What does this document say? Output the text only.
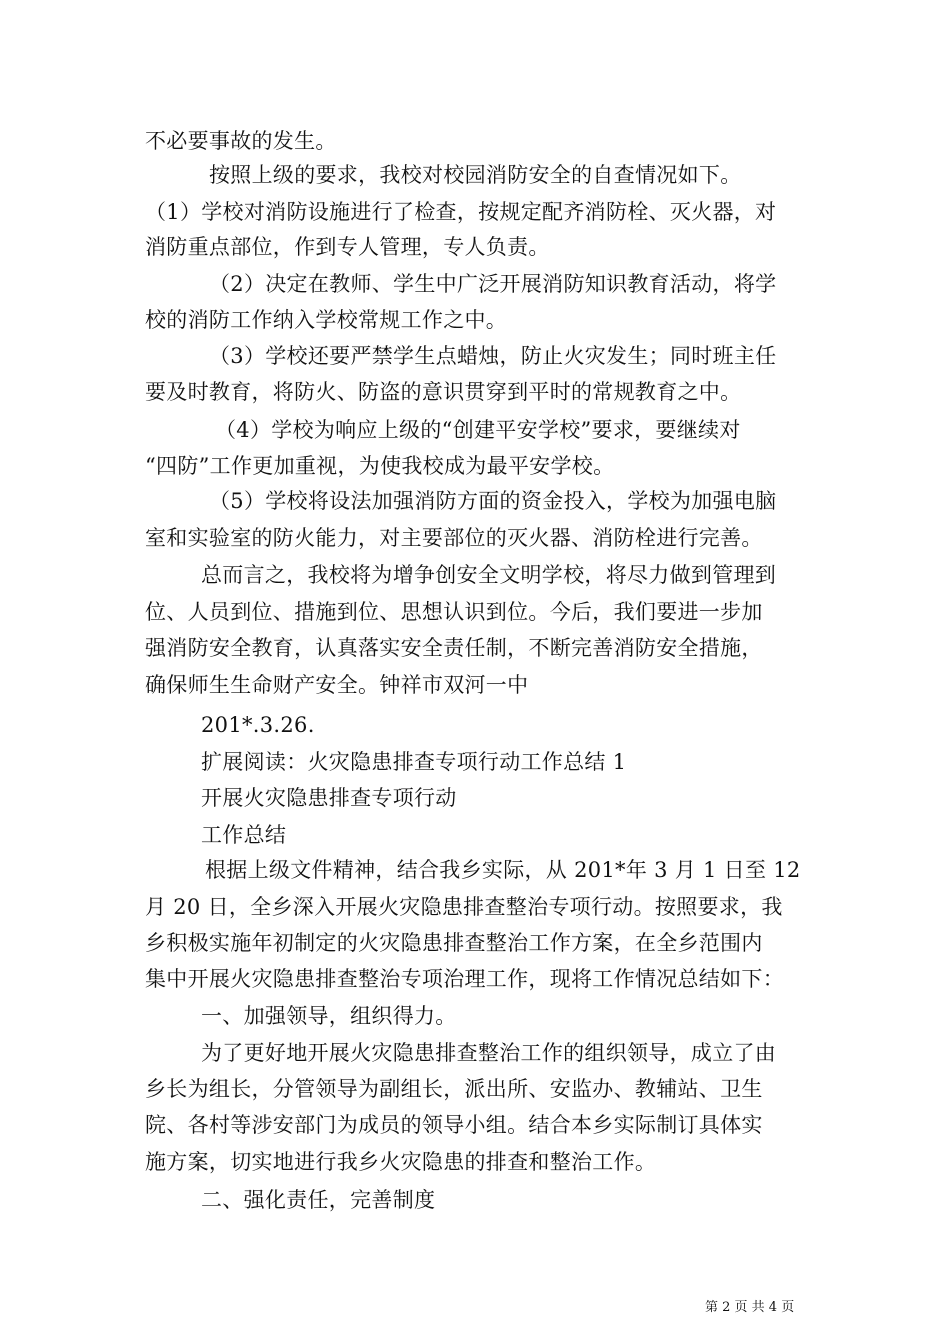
不必要事故的发生。
按照上级的要求，我校对校园消防安全的自查情况如下。
（1）学校对消防设施进行了检查，按规定配齐消防栓、灭火器，对
消防重点部位，作到专人管理，专人负责。
（2）决定在教师、学生中广泛开展消防知识教育活动，将学
校的消防工作纳入学校常规工作之中。
（3）学校还要严禁学生点蜡烛，防止火灾发生；同时班主任
要及时教育，将防火、防盗的意识贯穿到平时的常规教育之中。
（4）学校为响应上级的“创建平安学校”要求，要继续对
“四防”工作更加重视，为使我校成为最平安学校。
（5）学校将设法加强消防方面的资金投入，学校为加强电脑
室和实验室的防火能力，对主要部位的灭火器、消防栓进行完善。
总而言之，我校将为增争创安全文明学校，将尽力做到管理到
位、人员到位、措施到位、思想认识到位。今后，我们要进一步加
强消防安全教育，认真落实安全责任制，不断完善消防安全措施，
确保师生生命财产安全。钟祥市双河一中
201*.3.26.
扩展阅读：火灾隐患排查专项行动工作总结 1
开展火灾隐患排查专项行动
工作总结
根据上级文件精神，结合我乡实际，从 201*年 3 月 1 日至 12
月 20 日，全乡深入开展火灾隐患排查整治专项行动。按照要求，我
乡积极实施年初制定的火灾隐患排查整治工作方案，在全乡范围内
集中开展火灾隐患排查整治专项治理工作，现将工作情况总结如下：
一、加强领导，组织得力。
为了更好地开展火灾隐患排查整治工作的组织领导，成立了由
乡长为组长，分管领导为副组长，派出所、安监办、教辅站、卫生
院、各村等涉安部门为成员的领导小组。结合本乡实际制订具体实
施方案，切实地进行我乡火灾隐患的排查和整治工作。
二、强化责任，完善制度
第 2 页 共 4 页
